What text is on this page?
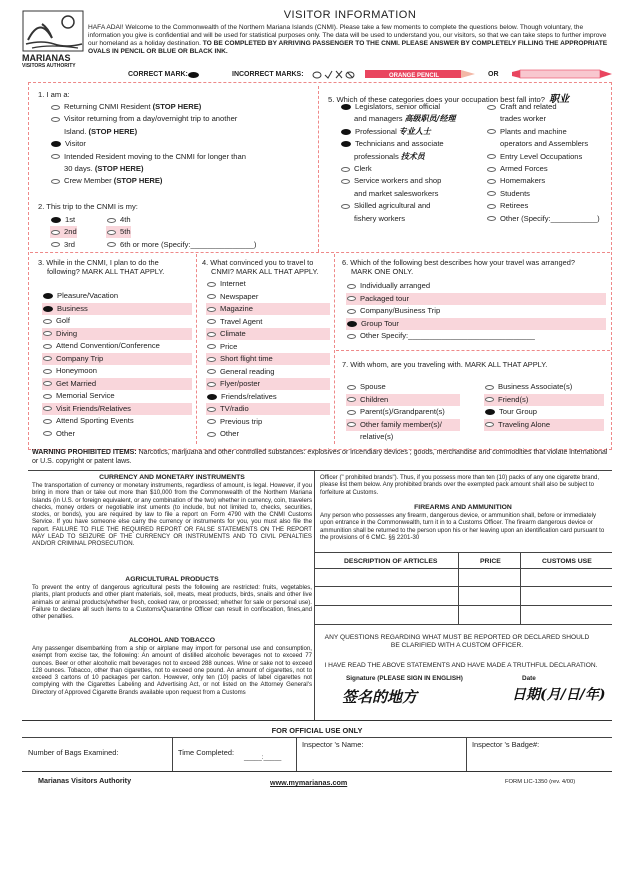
MARIANAS
VISITORS AUTHORITY
VISITOR INFORMATION
HAFA ADAI! Welcome to the Commonwealth of the Northern Mariana Islands (CNMI). Please take a few moments to complete the questions below. Though voluntary, the information you give is confidential and will be used for statistical purposes only. The data will be used to understand you, our visitors, so that we can take steps to further improve our homeland as a holiday destination. TO BE COMPLETED BY ARRIVING PASSENGER TO THE CNMI. PLEASE ANSWER BY COMPLETELY FILLING THE APPROPRIATE OVALS IN PENCIL OR BLUE OR BLACK INK.
CORRECT MARK:	INCORRECT MARKS:	ORANGE PENCIL	OR
1. I am a:
Returning CNMI Resident (STOP HERE)
Visitor returning from a day/overnight trip to another
Island. (STOP HERE)
Visitor
Intended Resident moving to the CNMI for longer than
30 days. (STOP HERE)
Crew Member (STOP HERE)
2. This trip to the CNMI is my:
1st
2nd
3rd
4th
5th
6th or more (Specify:_______________)
5. Which of these categories does your occupation best fall into? 职业
Legislators, senior official
and managers 高级职员/经理
Professional 专业人士
Technicians and associate
professionals 技术员
Clerk
Service workers and shop
and market salesworkers
Skilled agricultural and
fishery workers
Craft and related
trades worker
Plants and machine
operators and Assemblers
Entry Level Occupations
Armed Forces
Homemakers
Students
Retirees
Other (Specify:___________)
3. While in the CNMI, I plan to do the
following? MARK ALL THAT APPLY.
Pleasure/Vacation
Business
Golf
Diving
Attend Convention/Conference
Company Trip
Honeymoon
Get Married
Memorial Service
Visit Friends/Relatives
Attend Sporting Events
Other
4. What convinced you to travel to
CNMI? MARK ALL THAT APPLY.
Internet
Newspaper
Magazine
Travel Agent
Climate
Price
Short flight time
General reading
Flyer/poster
Friends/relatives
TV/radio
Previous trip
Other
6. Which of the following best describes how your travel was arranged?
MARK ONE ONLY.
Individually arranged
Packaged tour
Company/Business Trip
Group Tour
Other Specify:______________________________
7. With whom, are you traveling with. MARK ALL THAT APPLY.
Spouse
Children
Parent(s)/Grandparent(s)
Other family member(s)/
relative(s)
Business Associate(s)
Friend(s)
Tour Group
Traveling Alone
WARNING PROHIBITED ITEMS: Narcotics, marijuana and other controlled substances: explosives or incendiary devices ; goods, merchandise and commodities that violate international or U.S. copyright or patent laws.
CURRENCY AND MONETARY INSTRUMENTS
The transportation of currency or monetary instruments, regardless of amount, is legal. However, if you bring in more than or take out more than $10,000 from the Commonwealth of the Northern Mariana Islands (in U.S. or foreign equivalent, or any combination of the two) whether in currency, coin, travelers checks, money orders or negotiable inst uments (to include, but not limited to, checks, securities, stocks, or bonds), you are required by law to file a report on Form 4790 with the CNMI Customs Service. If you have someone else carry the currency or instruments for you, you must also file the report. FAILURE TO FILE THE REQUIRED REPORT OR FALSE STATEMENTS ON THE REPORT MAY LEAD TO SEIZURE OF THE CURRENCY OR INSTRUMENTS AND TO CIVIL PENALTIES AND/OR CRIMINAL PROSECUTION.
AGRICULTURAL PRODUCTS
To prevent the entry of dangerous agricultural pests the following are restricted: fruits, vegetables, plants, plant products and other plant materials, soil, meats, meat products, birds, snails and other live animals or animal products(whether fresh, cooked raw, or processed; whether for sale or personal use). Failure to declare all such items to a Customs/Quarantine Officer can result in confiscation, fines,and other penalties.
ALCOHOL AND TOBACCO
Any passenger disembarking from a ship or airplane may import for personal use and consumption, exempt from excise tax, the following: An amount of distilled alcoholic beverages not to exceed 77 ounces. Beer or other alcoholic malt beverages not to exceed 288 ounces. Wine or sake not to exceed 128 ounces. Tobacco, other than cigarettes, not to exceed one pound. An amount of cigarettes, not to exceed 3 cartons of 10 packages per carton. However, only ten (10) packs of label cigarettes not complying with the Cigarettes Labeling and Advertising Act, or not listed on the Attorney General's Directory of Approved Cigarette Brands available upon request from a Customs
Officer (" prohibited brands"). Thus, if you possess more than ten (10) packs of any one cigarette brand, please list them below. Any prohibited brands over the exempted pack amount shall also be subject to forfeiture at Customs.
FIREARMS AND AMMUNITION
Any person who possesses any firearm, dangerous device, or ammunition shall, before or immediately upon entrance in the Commonwealth, turn it in to a Customs Officer. The firearm dangerous device or ammunition shall be returned to the person upon his or her leaving upon an identification card pursuant to the provisions of 6 CMC. §§ 2201-30
DESCRIPTION OF ARTICLES	PRICE	CUSTOMS USE
ANY QUESTIONS REGARDING WHAT MUST BE REPORTED OR DECLARED SHOULD BE CLARIFIED WITH A CUSTOM OFFICER.
I HAVE READ THE ABOVE STATEMENTS AND HAVE MADE A TRUTHFUL DECLARATION.
Signature (PLEASE SIGN IN ENGLISH)	Date
签名的地方	日期(月/日/年)
FOR OFFICIAL USE ONLY
Number of Bags Examined:	Time Completed:
_____:_____
Inspector 's Name:	Inspector 's Badge#:
Marianas Visitors Authority	www.mymarianas.com	FORM LIC-1350 (rev. 4/00)
